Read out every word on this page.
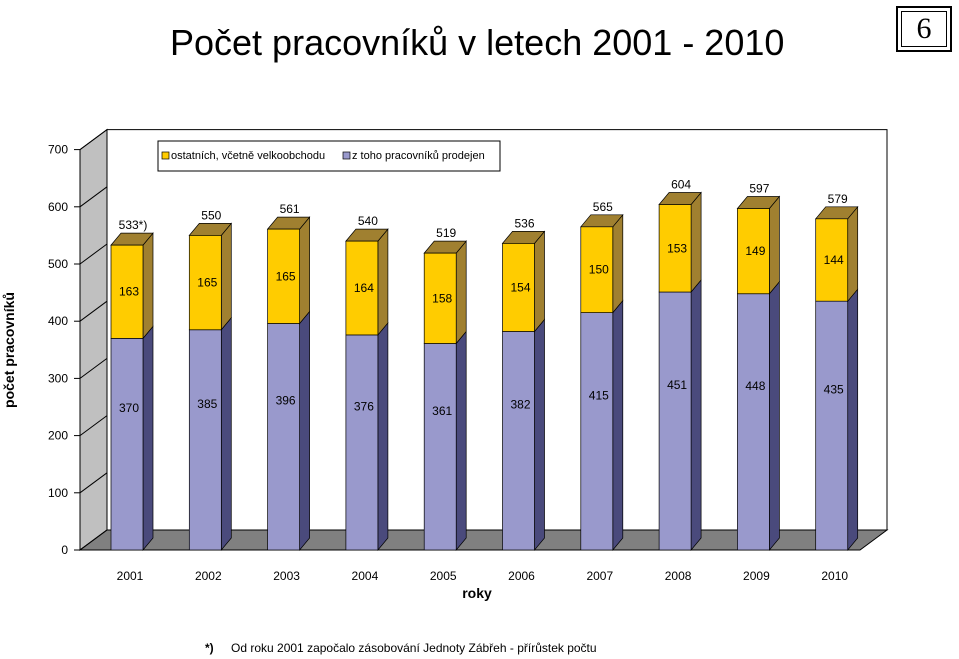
Počet pracovníků v letech 2001 - 2010	6
0
100
200
300
400
500
600
700
počet pracovníků
370
163
533*)
385
165
550
396
165
561
376
164
540
361
158
519
382
154
536
415
150
565
451
153
604
448
149
597
435
144
579
2001	2002	2003	2004	2005	2006	2007	2008	2009	2010
roky
ostatních, včetně velkoobchodu z toho pracovníků prodejen
*) Od roku 2001 započalo zásobování Jednoty Zábřeh - přírůstek počtu
